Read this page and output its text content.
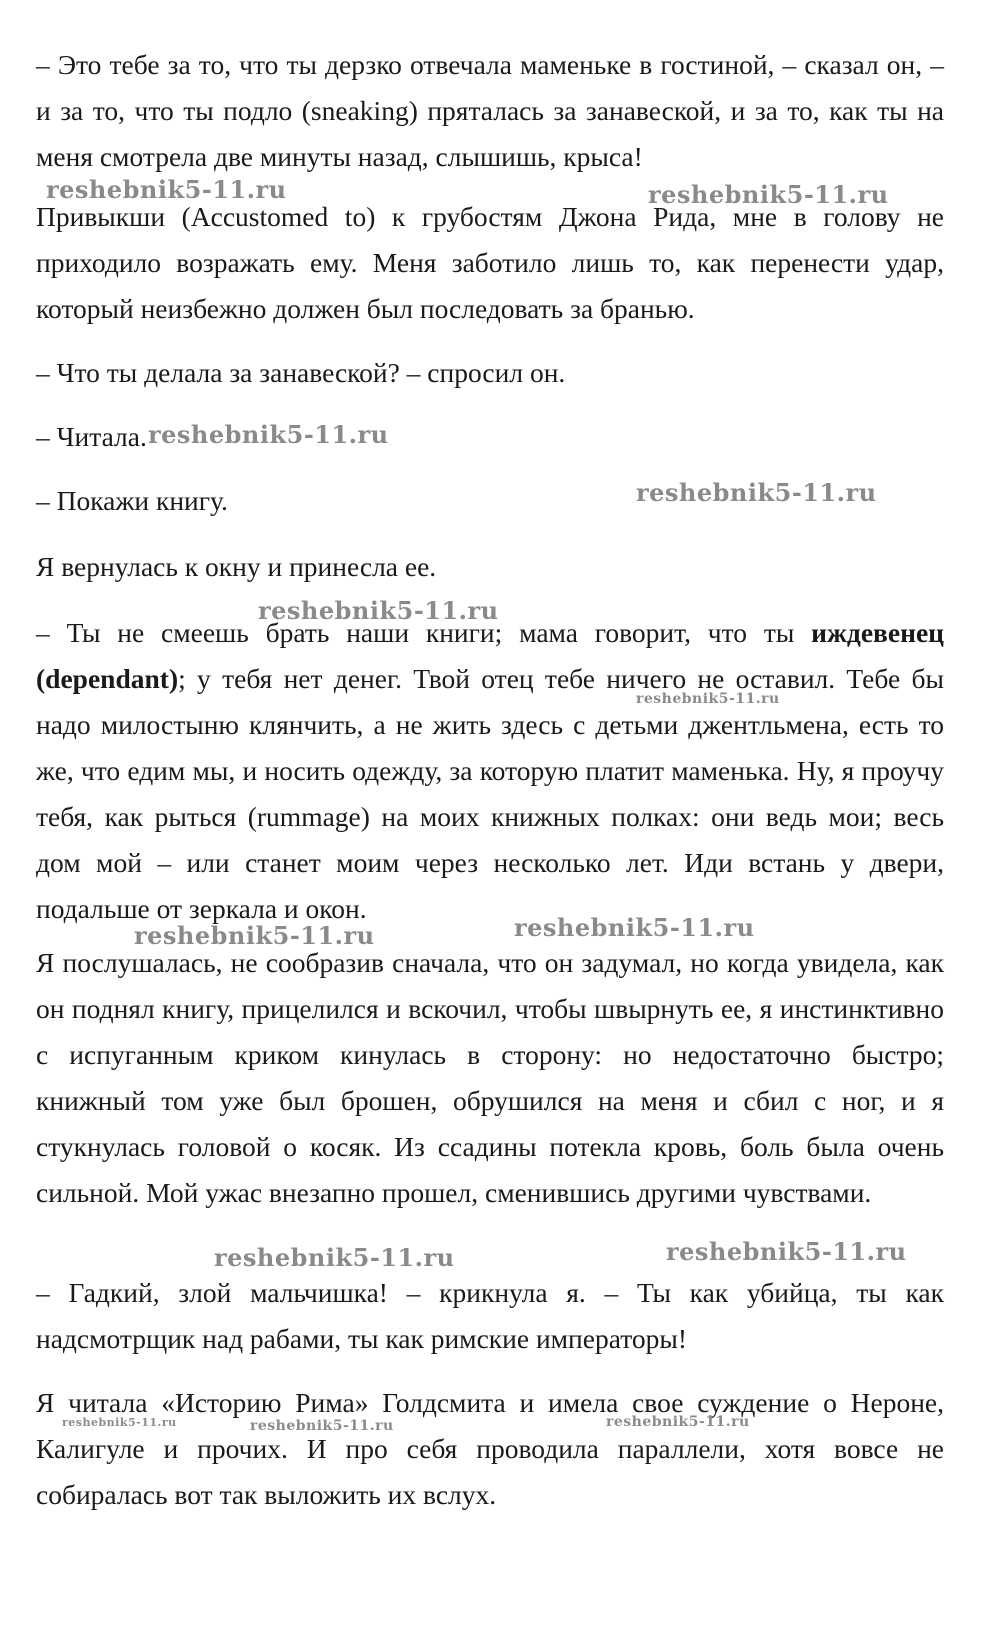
– Это тебе за то, что ты дерзко отвечала маменьке в гостиной, – сказал он, – и за то, что ты подло (sneaking) пряталась за занавеской, и за то, как ты на меня смотрела две минуты назад, слышишь, крыса!

Привыкши (Accustomed to) к грубостям Джона Рида, мне в голову не приходило возражать ему. Меня заботило лишь то, как перенести удар, который неизбежно должен был последовать за бранью.

– Что ты делала за занавеской? – спросил он.

– Читала.

– Покажи книгу.

Я вернулась к окну и принесла ее.

– Ты не смеешь брать наши книги; мама говорит, что ты иждевенец (dependant); у тебя нет денег. Твой отец тебе ничего не оставил. Тебе бы надо милостыню клянчить, а не жить здесь с детьми джентльмена, есть то же, что едим мы, и носить одежду, за которую платит маменька. Ну, я проучу тебя, как рыться (rummage) на моих книжных полках: они ведь мои; весь дом мой – или станет моим через несколько лет. Иди встань у двери, подальше от зеркала и окон.

Я послушалась, не сообразив сначала, что он задумал, но когда увидела, как он поднял книгу, прицелился и вскочил, чтобы швырнуть ее, я инстинктивно с испуганным криком кинулась в сторону: но недостаточно быстро; книжный том уже был брошен, обрушился на меня и сбил с ног, и я стукнулась головой о косяк. Из ссадины потекла кровь, боль была очень сильной. Мой ужас внезапно прошел, сменившись другими чувствами.

– Гадкий, злой мальчишка! – крикнула я. – Ты как убийца, ты как надсмотрщик над рабами, ты как римские императоры!

Я читала «Историю Рима» Голдсмита и имела свое суждение о Нероне, Калигуле и прочих. И про себя проводила параллели, хотя вовсе не собиралась вот так выложить их вслух.

reshebnik5-11.ru	reshebnik5-11.ru
reshebnik5-11.ru
reshebnik5-11.ru
reshebnik5-11.ru
reshebnik5-11.ru
reshebnik5-11.ru	reshebnik5-11.ru
reshebnik5-11.ru	reshebnik5-11.ru
reshebnik5-11.ru	reshebnik5-11.ru	reshebnik5-11.ru
